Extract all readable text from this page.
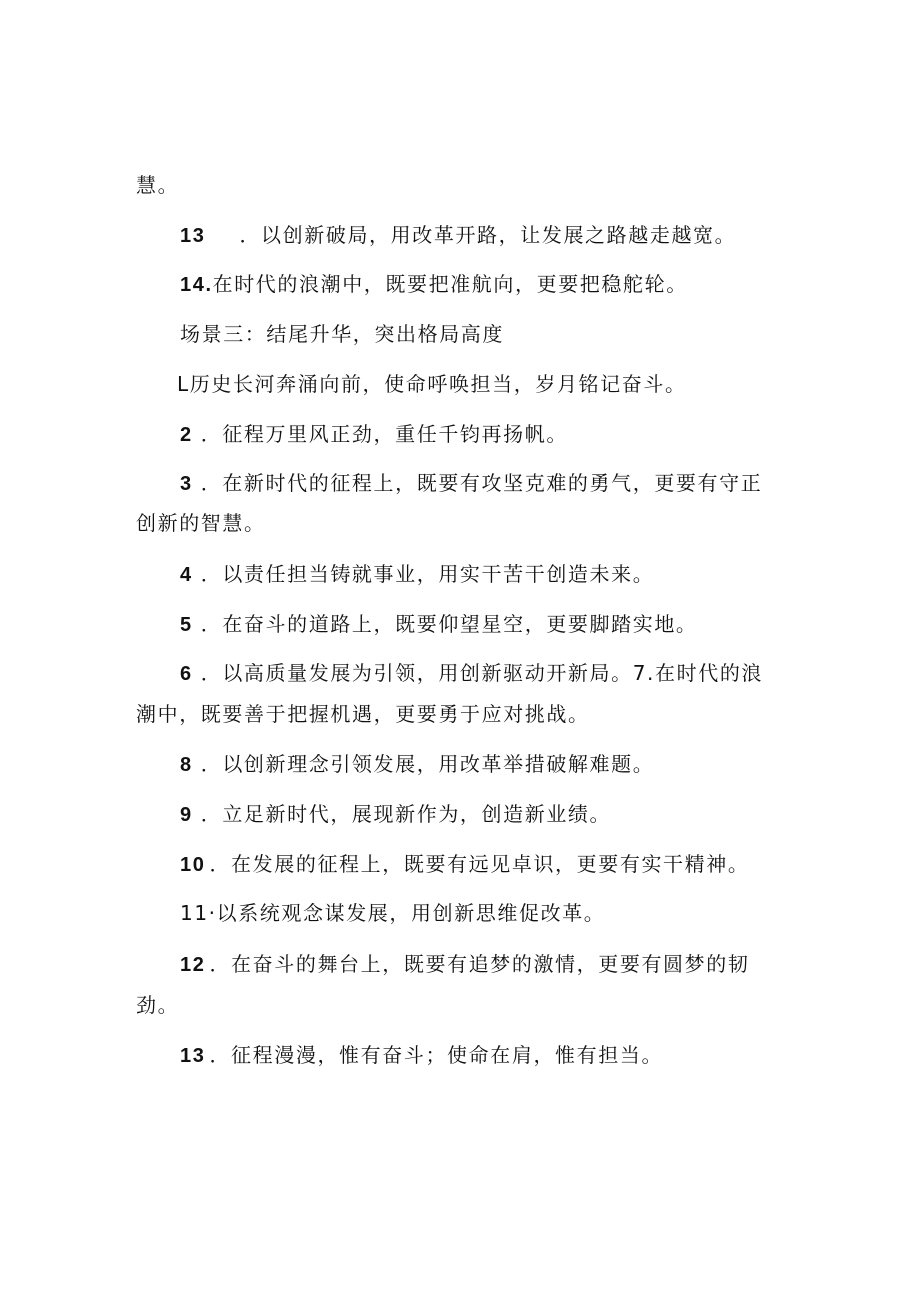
慧。
13 ．以创新破局，用改革开路，让发展之路越走越宽。
14.在时代的浪潮中，既要把准航向，更要把稳舵轮。
场景三：结尾升华，突出格局高度
L历史长河奔涌向前，使命呼唤担当，岁月铭记奋斗。
2 ．征程万里风正劲，重任千钧再扬帆。
3 ．在新时代的征程上，既要有攻坚克难的勇气，更要有守正
创新的智慧。
4 ．以责任担当铸就事业，用实干苦干创造未来。
5 ．在奋斗的道路上，既要仰望星空，更要脚踏实地。
6 ．以高质量发展为引领，用创新驱动开新局。7.在时代的浪
潮中，既要善于把握机遇，更要勇于应对挑战。
8 ．以创新理念引领发展，用改革举措破解难题。
9 ．立足新时代，展现新作为，创造新业绩。
10 ．在发展的征程上，既要有远见卓识，更要有实干精神。
11·以系统观念谋发展，用创新思维促改革。
12 ．在奋斗的舞台上，既要有追梦的激情，更要有圆梦的韧
劲。
13 ．征程漫漫，惟有奋斗；使命在肩，惟有担当。
